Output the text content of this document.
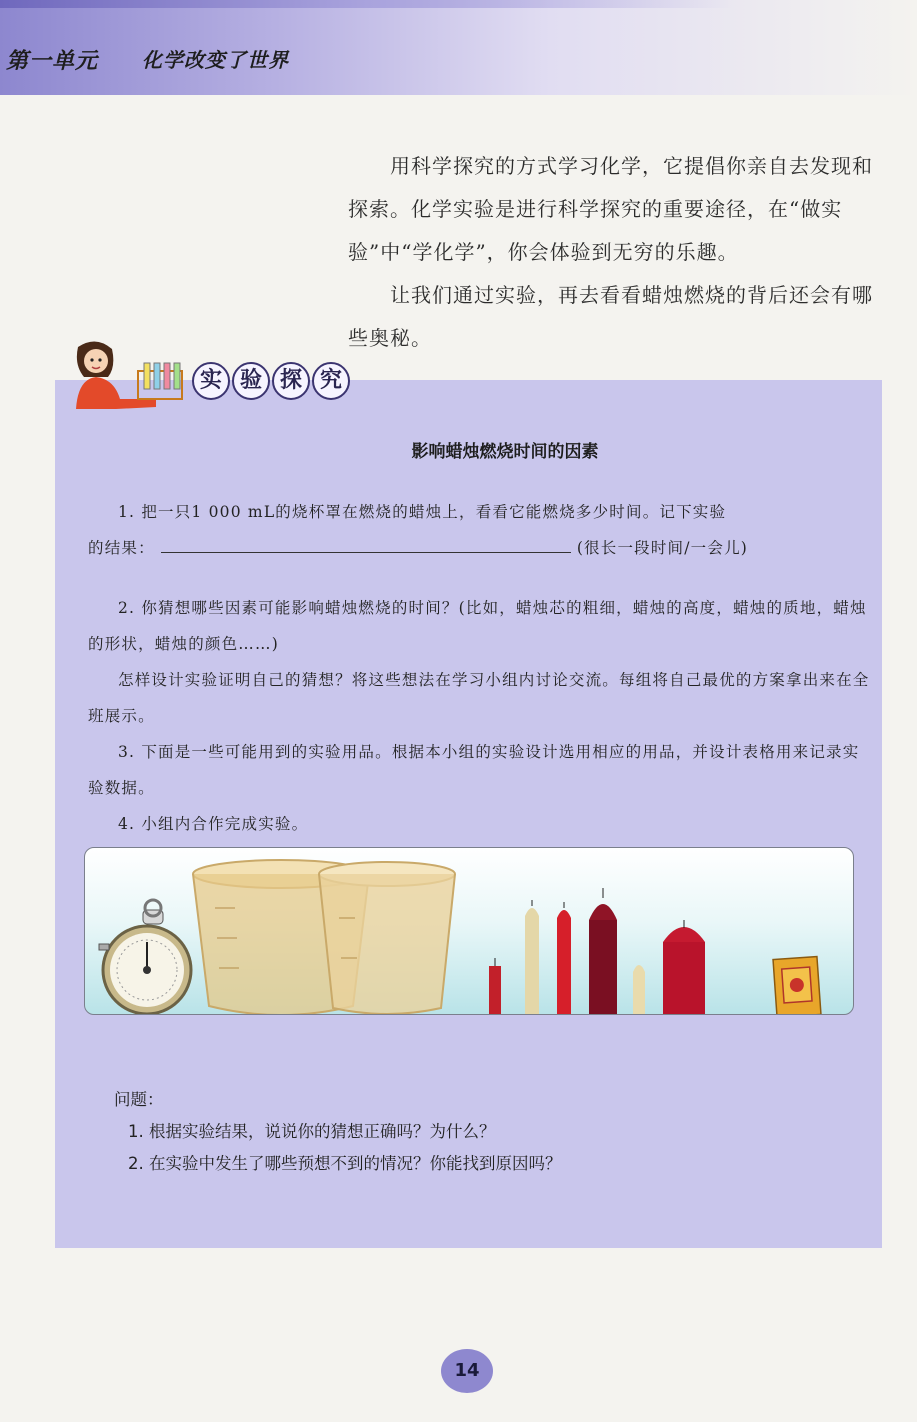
第一单元 化学改变了世界

用科学探究的方式学习化学，它提倡你亲自去发现和探索。化学实验是进行科学探究的重要途径，在“做实验”中“学化学”，你会体验到无穷的乐趣。

让我们通过实验，再去看看蜡烛燃烧的背后还会有哪些奥秘。

实 验 探 究
影响蜡烛燃烧时间的因素

1. 把一只1 000 mL的烧杯罩在燃烧的蜡烛上，看看它能燃烧多少时间。记下实验

的结果：	(很长一段时间/一会儿)

2. 你猜想哪些因素可能影响蜡烛燃烧的时间？(比如，蜡烛芯的粗细，蜡烛的高度，蜡烛的质地，蜡烛的形状，蜡烛的颜色……)

怎样设计实验证明自己的猜想？将这些想法在学习小组内讨论交流。每组将自己最优的方案拿出来在全班展示。

3. 下面是一些可能用到的实验用品。根据本小组的实验设计选用相应的用品，并设计表格用来记录实验数据。

4. 小组内合作完成实验。

问题：
1. 根据实验结果，说说你的猜想正确吗？为什么？
2. 在实验中发生了哪些预想不到的情况？你能找到原因吗？
14
